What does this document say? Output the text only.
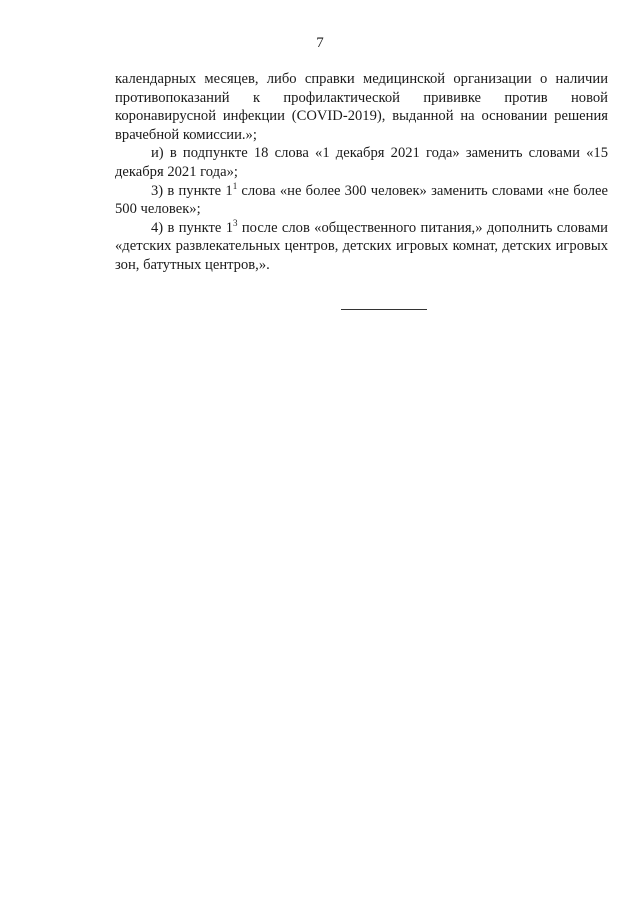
7

календарных месяцев, либо справки медицинской организации о наличии противопоказаний к профилактической прививке против новой коронавирусной инфекции (COVID-2019), выданной на основании решения врачебной комиссии.»;

и) в подпункте 18 слова «1 декабря 2021 года» заменить словами «15 декабря 2021 года»;

3) в пункте $1^1$ слова «не более 300 человек» заменить словами «не более 500 человек»;

4) в пункте $1^3$ после слов «общественного питания,» дополнить словами «детских развлекательных центров, детских игровых комнат, детских игровых зон, батутных центров,».
